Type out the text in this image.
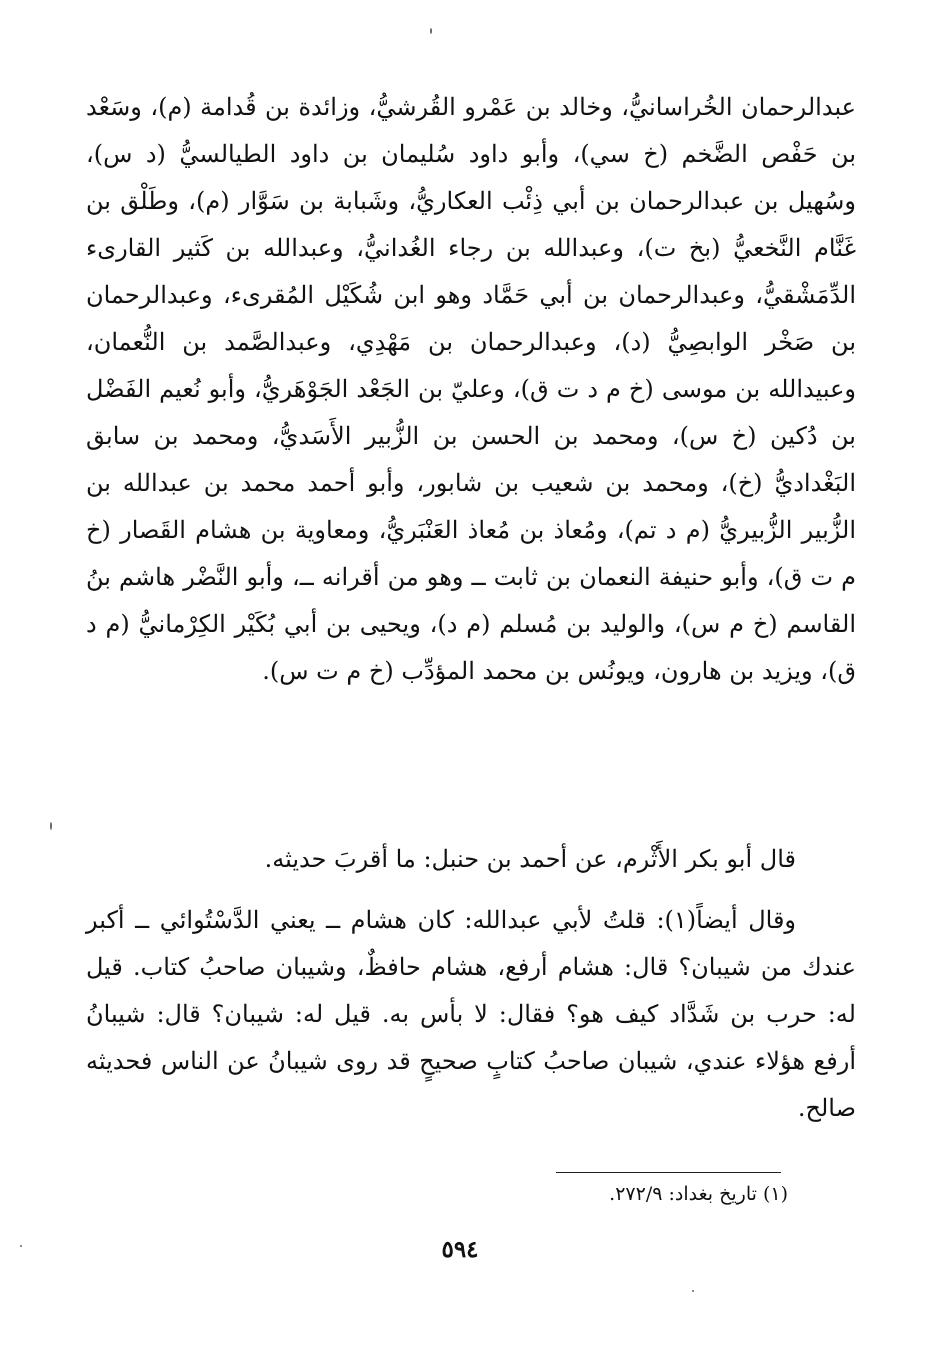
عبدالرحمان الخُراسانيُّ، وخالد بن عَمْرو القُرشيُّ، وزائدة بن قُدامة (م)، وسَعْد بن حَفْص الضَّخم (خ سي)، وأبو داود سُليمان بن داود الطيالسيُّ (د س)، وسُهيل بن عبدالرحمان بن أبي ذِئْب العكاريُّ، وشَبابة بن سَوَّار (م)، وطَلْق بن غَنَّام النَّخعيُّ (بخ ت)، وعبدالله بن رجاء الغُدانيُّ، وعبدالله بن كَثير القارىء الدِّمَشْقيُّ، وعبدالرحمان بن أبي حَمَّاد وهو ابن شُكَيْل المُقرىء، وعبدالرحمان بن صَخْر الوابصِيُّ (د)، وعبدالرحمان بن مَهْدِي، وعبدالصَّمد بن النُّعمان، وعبيدالله بن موسى (خ م د ت ق)، وعليّ بن الجَعْد الجَوْهَريُّ، وأبو نُعيم الفَضْل بن دُكين (خ س)، ومحمد بن الحسن بن الزُّبير الأَسَديُّ، ومحمد بن سابق البَغْداديُّ (خ)، ومحمد بن شعيب بن شابور، وأبو أحمد محمد بن عبدالله بن الزُّبير الزُّبيريُّ (م د تم)، ومُعاذ بن مُعاذ العَنْبَريُّ، ومعاوية بن هشام القَصار (خ م ت ق)، وأبو حنيفة النعمان بن ثابت ــ وهو من أقرانه ــ، وأبو النَّضْر هاشم بنُ القاسم (خ م س)، والوليد بن مُسلم (م د)، ويحيى بن أبي بُكَيْر الكِرْمانيُّ (م د ق)، ويزيد بن هارون، ويونُس بن محمد المؤدِّب (خ م ت س).

قال أبو بكر الأَثْرم، عن أحمد بن حنبل: ما أقربَ حديثه.

وقال أيضاً(١): قلتُ لأبي عبدالله: كان هشام ــ يعني الدَّسْتُوائي ــ أكبر عندك من شيبان؟ قال: هشام أرفع، هشام حافظٌ، وشيبان صاحبُ كتاب. قيل له: حرب بن شَدَّاد كيف هو؟ فقال: لا بأس به. قيل له: شيبان؟ قال: شيبانُ أرفع هؤلاء عندي، شيبان صاحبُ كتابٍ صحيحٍ قد روى شيبانُ عن الناس فحديثه صالح.

(١) تاريخ بغداد: ٢٧٢/٩.

٥٩٤
